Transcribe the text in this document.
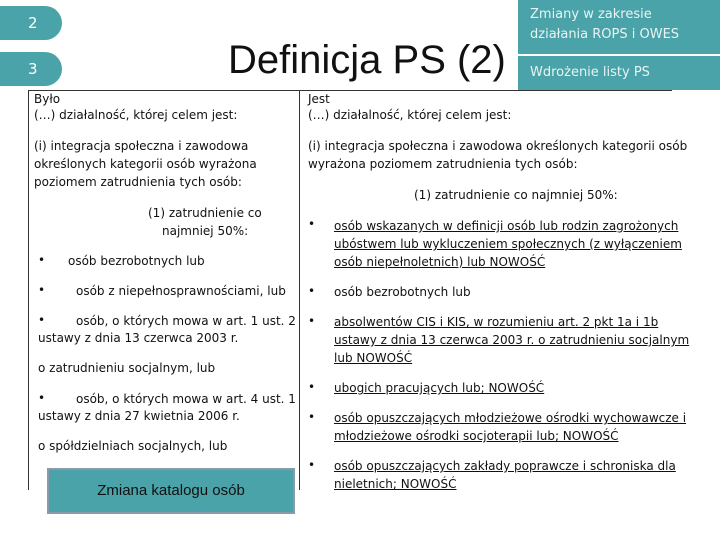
2
3	Definicja PS (2)
Zmiany w zakresie
działania ROPS i OWES
Wdrożenie listy PS
Było
(…) działalność, której celem jest:
(i) integracja społeczna i zawodowa
określonych kategorii osób wyrażona
poziomem zatrudnienia tych osób:
(1) zatrudnienie co
najmniej 50%:
• osób bezrobotnych lub
•	osób z niepełnosprawnościami, lub
•	osób, o których mowa w art. 1 ust. 2
ustawy z dnia 13 czerwca 2003 r.
o zatrudnieniu socjalnym, lub
•	osób, o których mowa w art. 4 ust. 1
ustawy z dnia 27 kwietnia 2006 r.
o spółdzielniach socjalnych, lub
Jest
(…) działalność, której celem jest:
(i) integracja społeczna i zawodowa określonych kategorii osób
wyrażona poziomem zatrudnienia tych osób:
(1) zatrudnienie co najmniej 50%:
• osób wskazanych w definicji osób lub rodzin zagrożonych
ubóstwem lub wykluczeniem społecznych (z wyłączeniem
osób niepełnoletnich) lub NOWOŚĆ
• osób bezrobotnych lub
• absolwentów CIS i KIS, w rozumieniu art. 2 pkt 1a i 1b
ustawy z dnia 13 czerwca 2003 r. o zatrudnieniu socjalnym
lub NOWOŚĆ
• ubogich pracujących lub; NOWOŚĆ
• osób opuszczających młodzieżowe ośrodki wychowawcze i
młodzieżowe ośrodki socjoterapii lub; NOWOŚĆ
• osób opuszczających zakłady poprawcze i schroniska dla
nieletnich; NOWOŚĆ
Zmiana katalogu osób
